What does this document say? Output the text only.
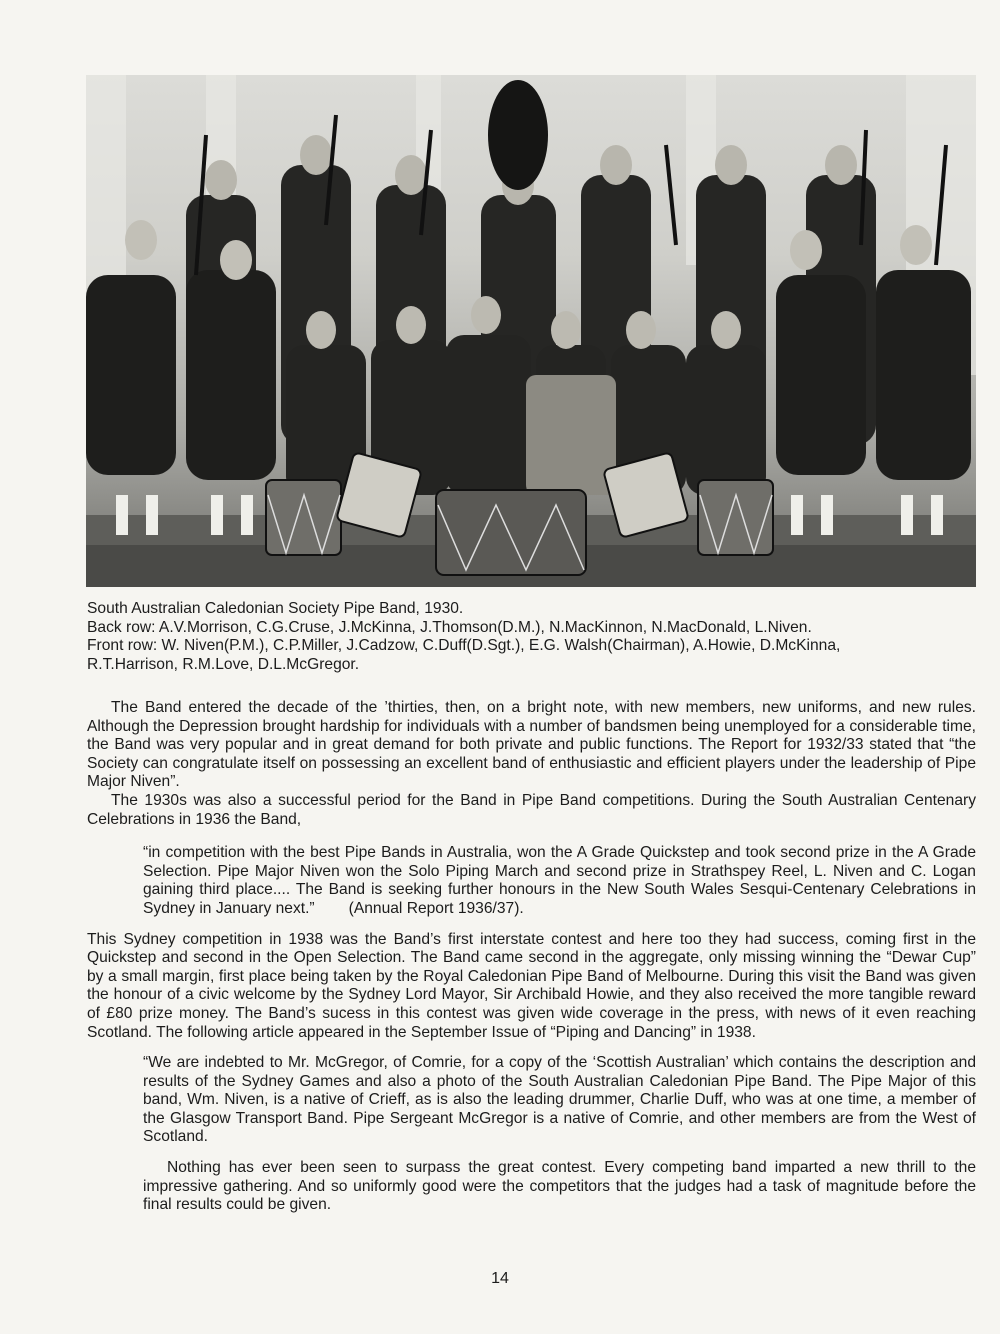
South Australian Caledonian Society Pipe Band, 1930.
Back row: A.V.Morrison, C.G.Cruse, J.McKinna, J.Thomson(D.M.), N.MacKinnon, N.MacDonald, L.Niven.
Front row: W. Niven(P.M.), C.P.Miller, J.Cadzow, C.Duff(D.Sgt.), E.G. Walsh(Chairman), A.Howie, D.McKinna,
R.T.Harrison, R.M.Love, D.L.McGregor.

The Band entered the decade of the ’thirties, then, on a bright note, with new members, new uniforms, and new rules. Although the Depression brought hardship for individuals with a number of bandsmen being unemployed for a considerable time, the Band was very popular and in great demand for both private and public functions. The Report for 1932/33 stated that “the Society can congratulate itself on possessing an excellent band of enthusiastic and efficient players under the leadership of Pipe Major Niven”.

The 1930s was also a successful period for the Band in Pipe Band competitions. During the South Australian Centenary Celebrations in 1936 the Band,

“in competition with the best Pipe Bands in Australia, won the A Grade Quickstep and took second prize in the A Grade Selection. Pipe Major Niven won the Solo Piping March and second prize in Strathspey Reel, L. Niven and C. Logan gaining third place.... The Band is seeking further honours in the New South Wales Sesqui-Centenary Celebrations in Sydney in January next.” (Annual Report 1936/37).

This Sydney competition in 1938 was the Band’s first interstate contest and here too they had success, coming first in the Quickstep and second in the Open Selection. The Band came second in the aggregate, only missing winning the “Dewar Cup” by a small margin, first place being taken by the Royal Caledonian Pipe Band of Melbourne. During this visit the Band was given the honour of a civic welcome by the Sydney Lord Mayor, Sir Archibald Howie, and they also received the more tangible reward of £80 prize money. The Band’s sucess in this contest was given wide coverage in the press, with news of it even reaching Scotland. The following article appeared in the September Issue of “Piping and Dancing” in 1938.

“We are indebted to Mr. McGregor, of Comrie, for a copy of the ‘Scottish Australian’ which contains the description and results of the Sydney Games and also a photo of the South Australian Caledonian Pipe Band. The Pipe Major of this band, Wm. Niven, is a native of Crieff, as is also the leading drummer, Charlie Duff, who was at one time, a member of the Glasgow Transport Band. Pipe Sergeant McGregor is a native of Comrie, and other members are from the West of Scotland.

Nothing has ever been seen to surpass the great contest. Every competing band imparted a new thrill to the impressive gathering. And so uniformly good were the competitors that the judges had a task of magnitude before the final results could be given.

14
